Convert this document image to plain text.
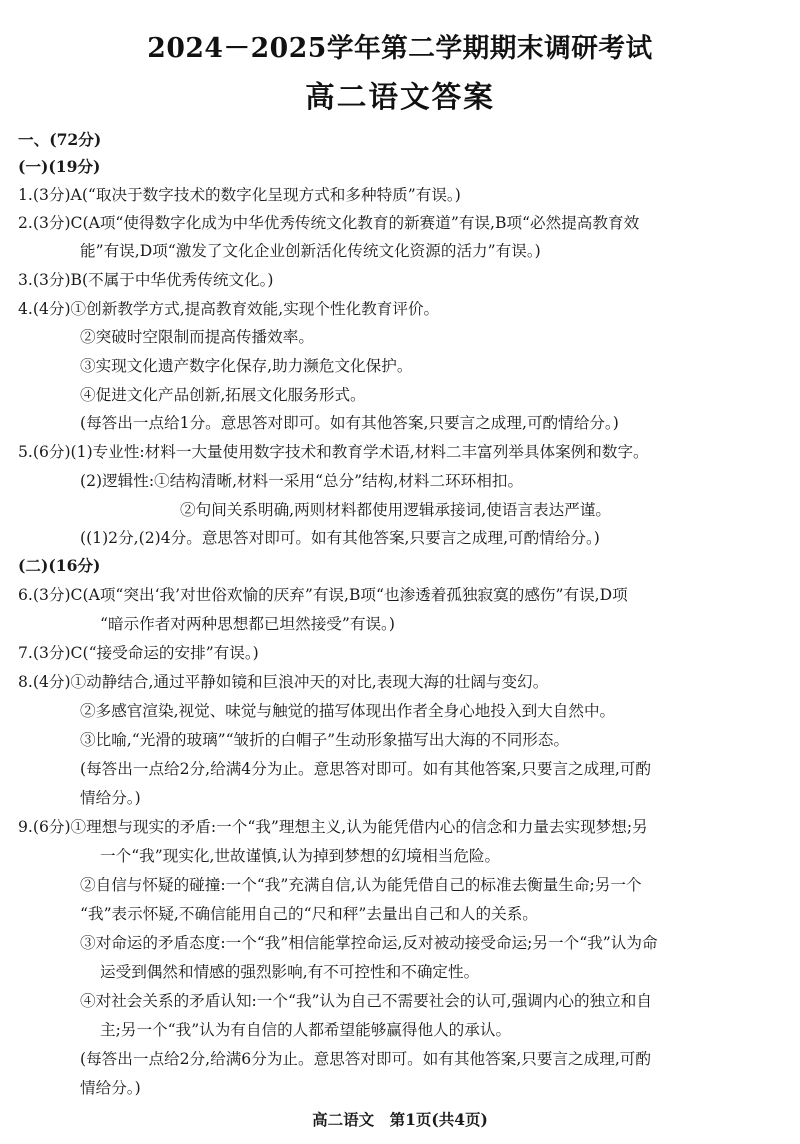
2024－2025学年第二学期期末调研考试
高二语文答案
一、(72分)
(一)(19分)
1.(3分)A(“取决于数字技术的数字化呈现方式和多种特质”有误。)
2.(3分)C(A项“使得数字化成为中华优秀传统文化教育的新赛道”有误,B项“必然提高教育效
能”有误,D项“激发了文化企业创新活化传统文化资源的活力”有误。)
3.(3分)B(不属于中华优秀传统文化。)
4.(4分)①创新教学方式,提高教育效能,实现个性化教育评价。
②突破时空限制而提高传播效率。
③实现文化遗产数字化保存,助力濒危文化保护。
④促进文化产品创新,拓展文化服务形式。
(每答出一点给1分。意思答对即可。如有其他答案,只要言之成理,可酌情给分。)
5.(6分)(1)专业性:材料一大量使用数字技术和教育学术语,材料二丰富列举具体案例和数字。
(2)逻辑性:①结构清晰,材料一采用“总分”结构,材料二环环相扣。
②句间关系明确,两则材料都使用逻辑承接词,使语言表达严谨。
((1)2分,(2)4分。意思答对即可。如有其他答案,只要言之成理,可酌情给分。)
(二)(16分)
6.(3分)C(A项“突出‘我’对世俗欢愉的厌弃”有误,B项“也渗透着孤独寂寞的感伤”有误,D项
“暗示作者对两种思想都已坦然接受”有误。)
7.(3分)C(“接受命运的安排”有误。)
8.(4分)①动静结合,通过平静如镜和巨浪冲天的对比,表现大海的壮阔与变幻。
②多感官渲染,视觉、味觉与触觉的描写体现出作者全身心地投入到大自然中。
③比喻,“光滑的玻璃”“皱折的白帽子”生动形象描写出大海的不同形态。
(每答出一点给2分,给满4分为止。意思答对即可。如有其他答案,只要言之成理,可酌
情给分。)
9.(6分)①理想与现实的矛盾:一个“我”理想主义,认为能凭借内心的信念和力量去实现梦想;另
一个“我”现实化,世故谨慎,认为掉到梦想的幻境相当危险。
②自信与怀疑的碰撞:一个“我”充满自信,认为能凭借自己的标准去衡量生命;另一个
“我”表示怀疑,不确信能用自己的“尺和秤”去量出自己和人的关系。
③对命运的矛盾态度:一个“我”相信能掌控命运,反对被动接受命运;另一个“我”认为命
运受到偶然和情感的强烈影响,有不可控性和不确定性。
④对社会关系的矛盾认知:一个“我”认为自己不需要社会的认可,强调内心的独立和自
主;另一个“我”认为有自信的人都希望能够赢得他人的承认。
(每答出一点给2分,给满6分为止。意思答对即可。如有其他答案,只要言之成理,可酌
情给分。)
高二语文　第1页(共4页)
